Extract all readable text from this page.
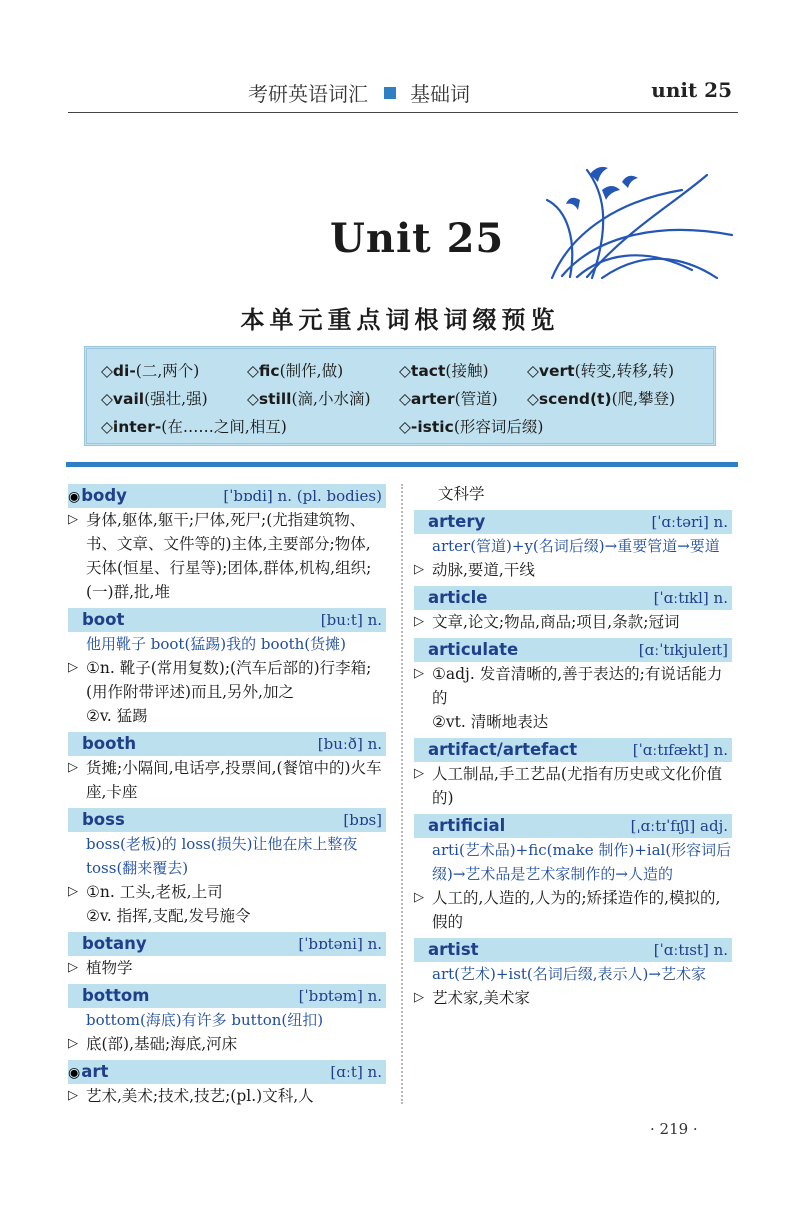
考研英语词汇 基础词	unit 25
Unit 25
本单元重点词根词缀预览
◇di-(二,两个)	◇fic(制作,做)	◇tact(接触) ◇vert(转变,转移,转)
◇vail(强壮,强)	◇still(滴,小水滴) ◇arter(管道) ◇scend(t)(爬,攀登)
◇inter-(在……之间,相互)	◇-istic(形容词后缀)
◉body	[ˈbɒdi] n. (pl. bodies)
▷ 身体,躯体,躯干;尸体,死尸;(尤指建筑物、书、文章、文件等的)主体,主要部分;物体,天体(恒星、行星等);团体,群体,机构,组织;(一)群,批,堆
boot	[buːt] n.
他用靴子 boot(猛踢)我的 booth(货摊)
▷ ①n. 靴子(常用复数);(汽车后部的)行李箱;(用作附带评述)而且,另外,加之
②v. 猛踢
booth	[buːð] n.
▷ 货摊;小隔间,电话亭,投票间,(餐馆中的)火车座,卡座
boss	[bɒs]
boss(老板)的 loss(损失)让他在床上整夜 toss(翻来覆去)
▷ ①n. 工头,老板,上司
②v. 指挥,支配,发号施令
botany	[ˈbɒtəni] n.
▷ 植物学
bottom	[ˈbɒtəm] n.
bottom(海底)有许多 button(纽扣)
▷ 底(部),基础;海底,河床
◉art	[ɑːt] n.
▷ 艺术,美术;技术,技艺;(pl.)文科,人
文科学
artery	[ˈɑːtəri] n.
arter(管道)+y(名词后缀)→重要管道→要道
▷ 动脉,要道,干线
article	[ˈɑːtɪkl] n.
▷ 文章,论文;物品,商品;项目,条款;冠词
articulate	[ɑːˈtɪkjuleɪt]
▷ ①adj. 发音清晰的,善于表达的;有说话能力的
②vt. 清晰地表达
artifact/artefact	[ˈɑːtɪfækt] n.
▷ 人工制品,手工艺品(尤指有历史或文化价值的)
artificial	[ˌɑːtɪˈfɪʃl] adj.
arti(艺术品)+fic(make 制作)+ial(形容词后缀)→艺术品是艺术家制作的→人造的
▷ 人工的,人造的,人为的;矫揉造作的,模拟的,假的
artist	[ˈɑːtɪst] n.
art(艺术)+ist(名词后缀,表示人)→艺术家
▷ 艺术家,美术家
· 219 ·
